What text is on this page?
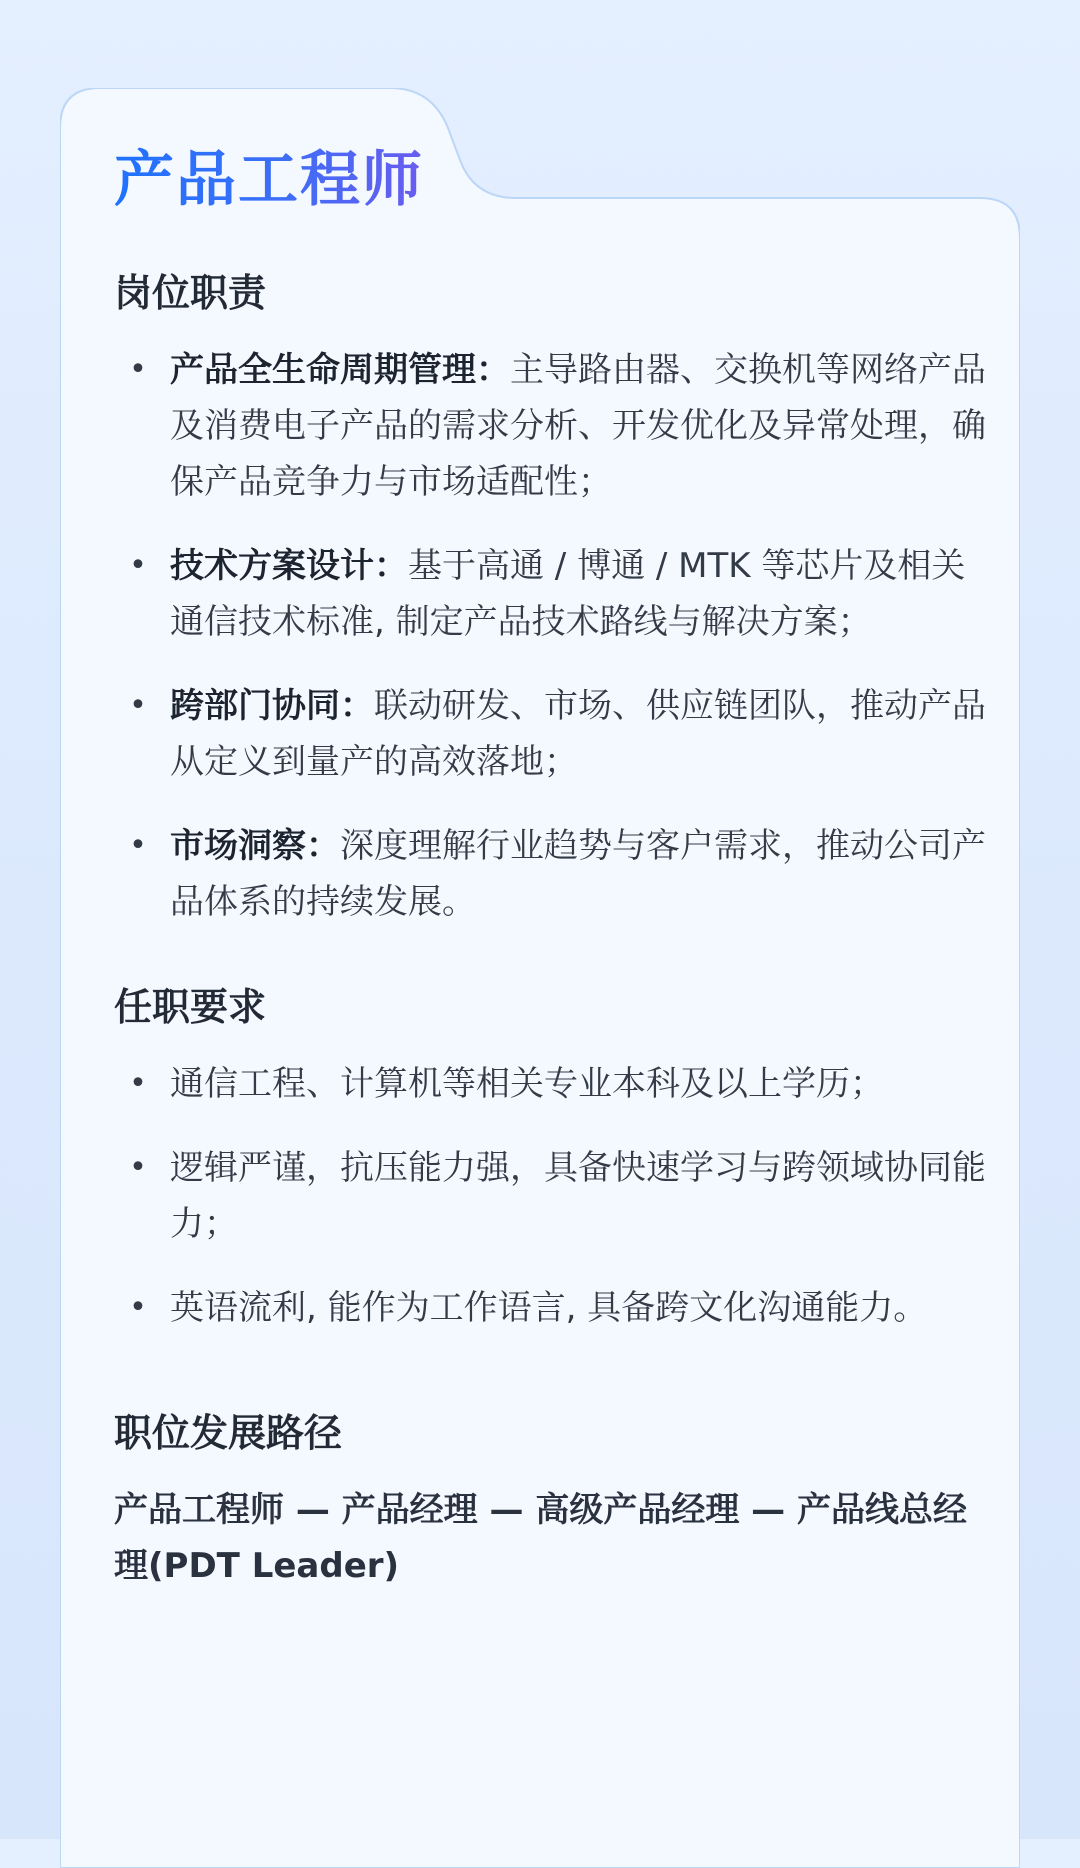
产品工程师
岗位职责
• 产品全生命周期管理：主导路由器、交换机等网络产品及消费电子产品的需求分析、开发优化及异常处理，确保产品竞争力与市场适配性；
• 技术方案设计：基于高通 / 博通 / MTK 等芯片及相关通信技术标准, 制定产品技术路线与解决方案；
• 跨部门协同：联动研发、市场、供应链团队，推动产品从定义到量产的高效落地；
• 市场洞察：深度理解行业趋势与客户需求，推动公司产品体系的持续发展。
任职要求
• 通信工程、计算机等相关专业本科及以上学历；
• 逻辑严谨，抗压能力强，具备快速学习与跨领域协同能力；
• 英语流利, 能作为工作语言, 具备跨文化沟通能力。
职位发展路径

产品工程师 — 产品经理 — 高级产品经理 — 产品线总经理(PDT Leader)
